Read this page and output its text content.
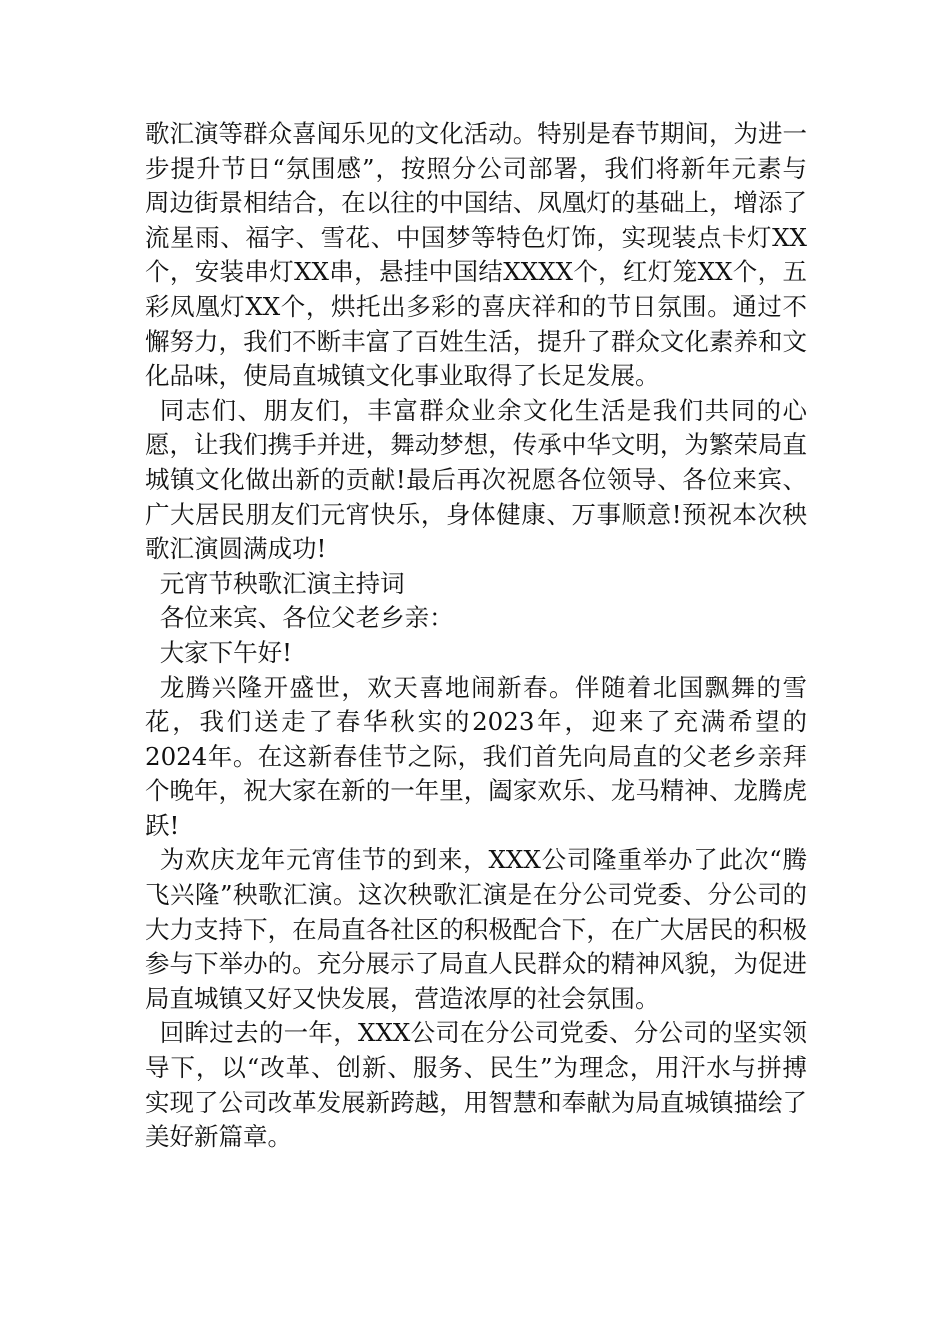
歌汇演等群众喜闻乐见的文化活动。特别是春节期间，为进一步提升节日“氛围感”，按照分公司部署，我们将新年元素与周边街景相结合，在以往的中国结、凤凰灯的基础上，增添了流星雨、福字、雪花、中国梦等特色灯饰，实现装点卡灯XX个，安装串灯XX串，悬挂中国结XXXX个，红灯笼XX个，五彩凤凰灯XX个，烘托出多彩的喜庆祥和的节日氛围。通过不懈努力，我们不断丰富了百姓生活，提升了群众文化素养和文化品味，使局直城镇文化事业取得了长足发展。

同志们、朋友们，丰富群众业余文化生活是我们共同的心愿，让我们携手并进，舞动梦想，传承中华文明，为繁荣局直城镇文化做出新的贡献!最后再次祝愿各位领导、各位来宾、广大居民朋友们元宵快乐，身体健康、万事顺意!预祝本次秧歌汇演圆满成功!

元宵节秧歌汇演主持词

各位来宾、各位父老乡亲：

大家下午好!

龙腾兴隆开盛世，欢天喜地闹新春。伴随着北国飘舞的雪花，我们送走了春华秋实的2023年，迎来了充满希望的2024年。在这新春佳节之际，我们首先向局直的父老乡亲拜个晚年，祝大家在新的一年里，阖家欢乐、龙马精神、龙腾虎跃!

为欢庆龙年元宵佳节的到来，XXX公司隆重举办了此次“腾飞兴隆”秧歌汇演。这次秧歌汇演是在分公司党委、分公司的大力支持下，在局直各社区的积极配合下，在广大居民的积极参与下举办的。充分展示了局直人民群众的精神风貌，为促进局直城镇又好又快发展，营造浓厚的社会氛围。

回眸过去的一年，XXX公司在分公司党委、分公司的坚实领导下，以“改革、创新、服务、民生”为理念，用汗水与拼搏实现了公司改革发展新跨越，用智慧和奉献为局直城镇描绘了美好新篇章。
